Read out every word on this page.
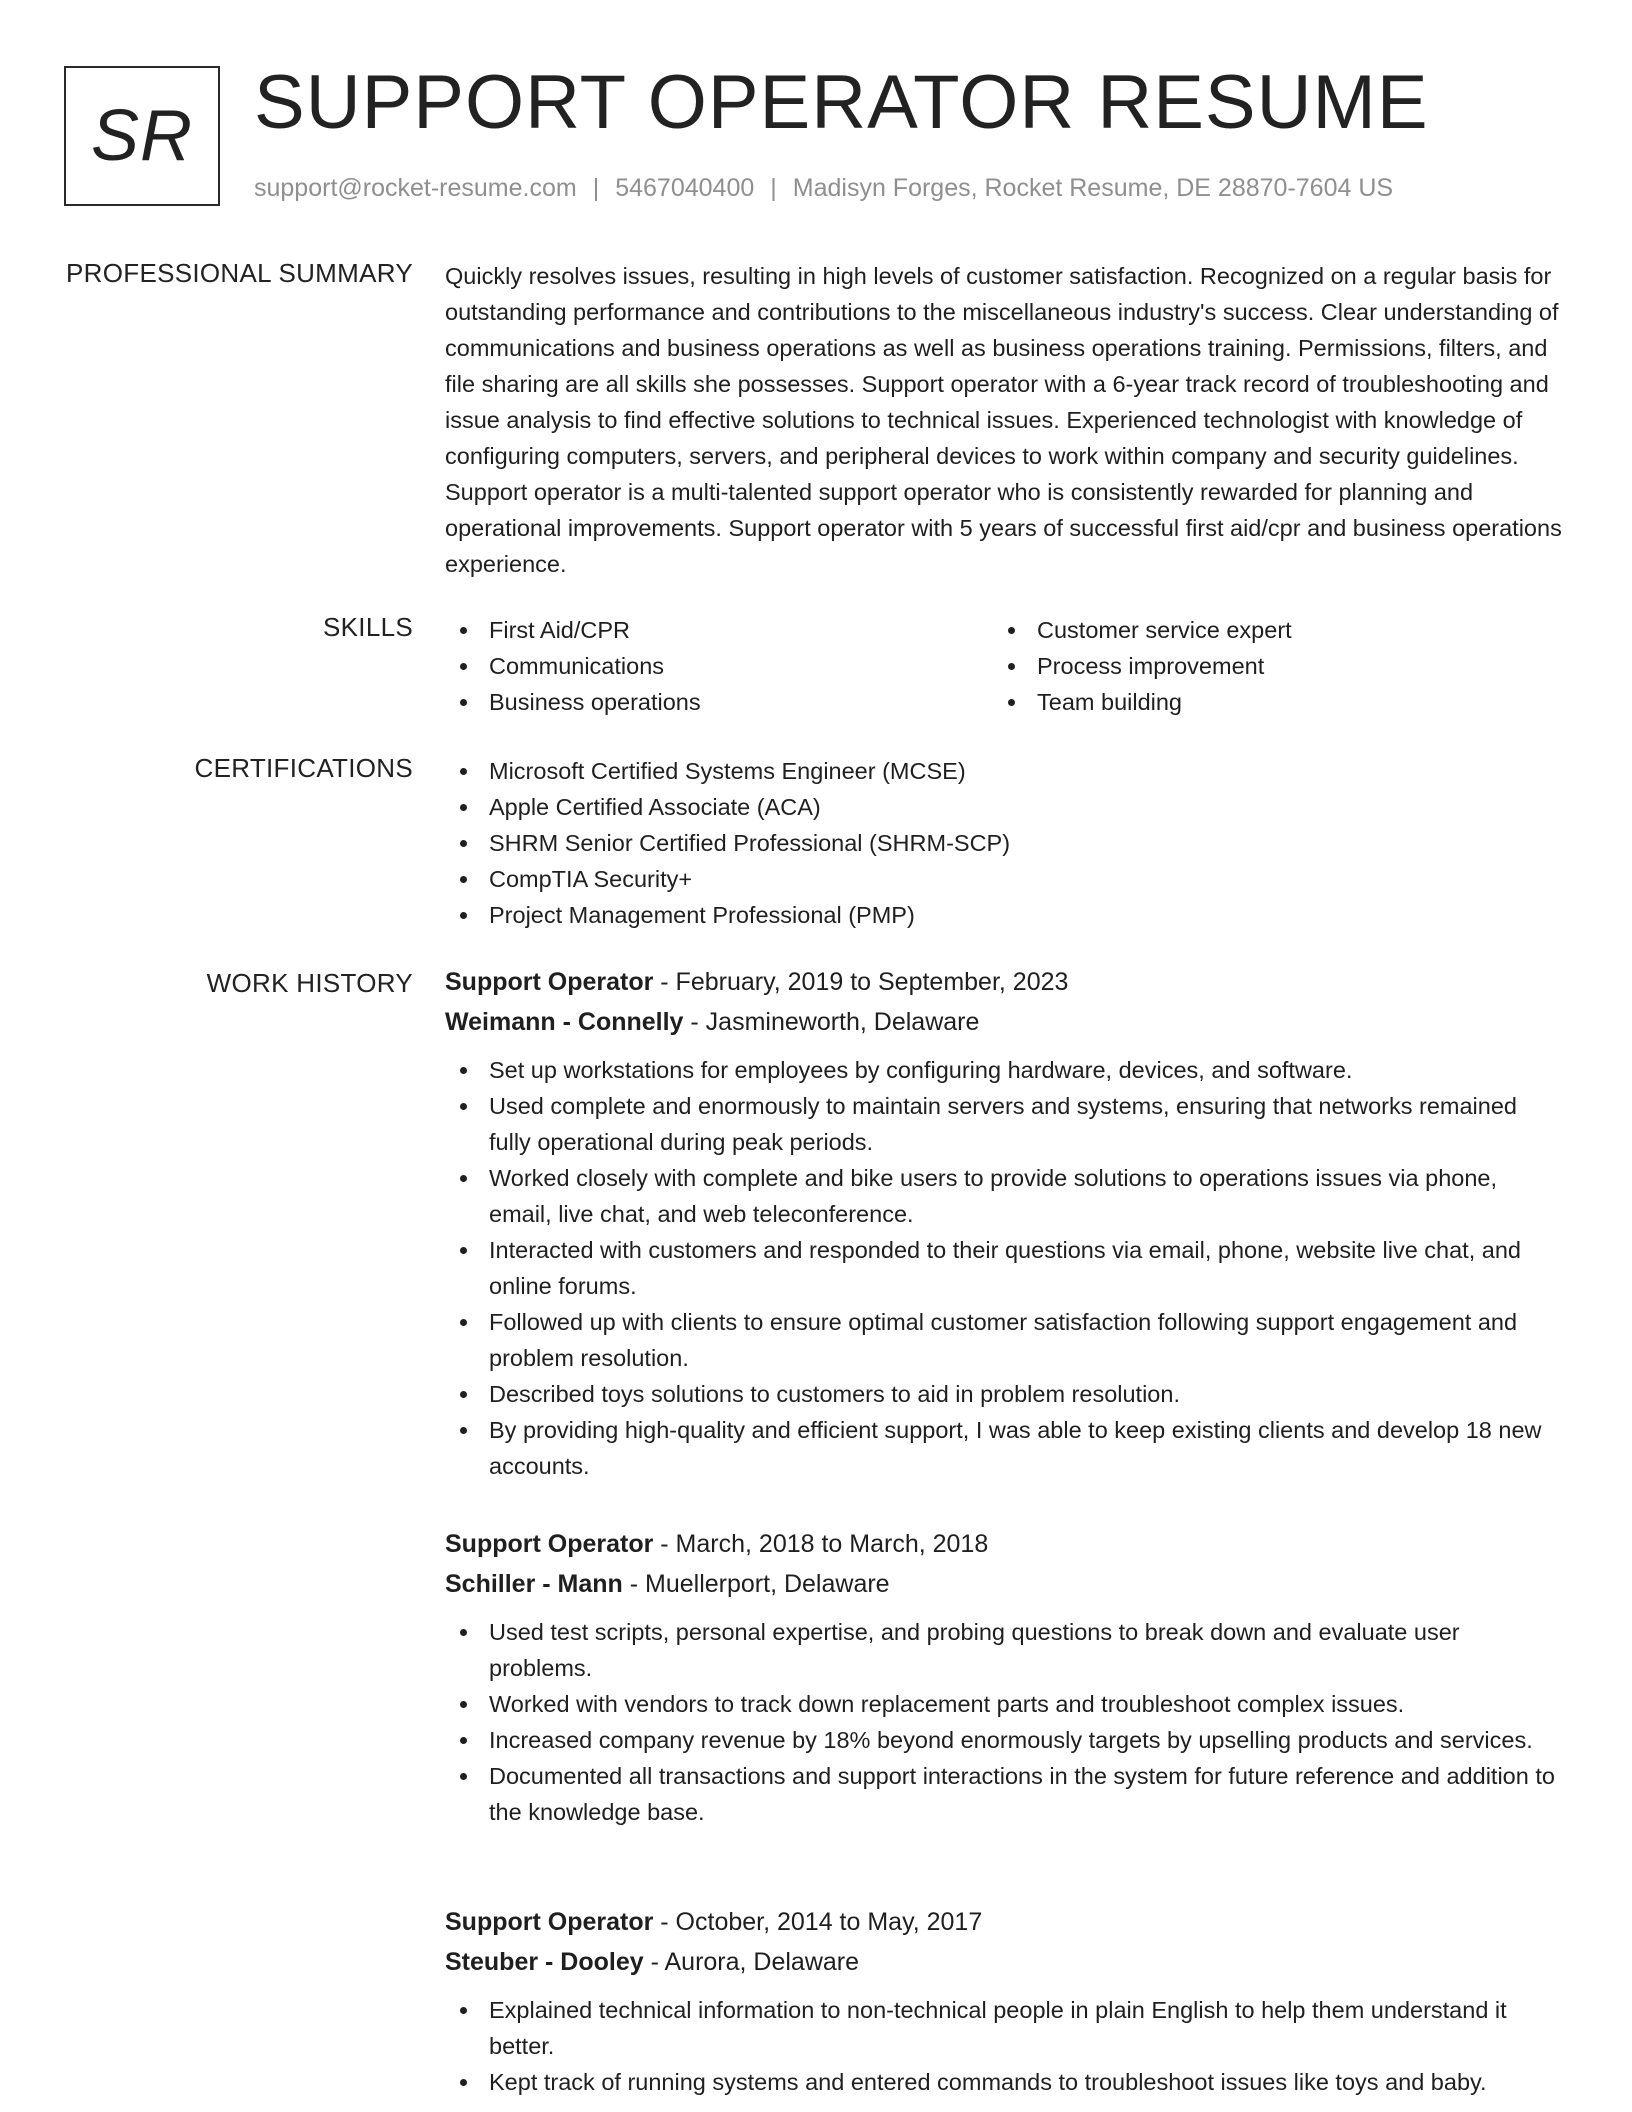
SR SUPPORT OPERATOR RESUME
support@rocket-resume.com | 5467040400 | Madisyn Forges, Rocket Resume, DE 28870-7604 US
PROFESSIONAL SUMMARY Quickly resolves issues, resulting in high levels of customer satisfaction. Recognized on a regular basis for outstanding performance and contributions to the miscellaneous industry's success. Clear understanding of communications and business operations as well as business operations training. Permissions, filters, and file sharing are all skills she possesses. Support operator with a 6-year track record of troubleshooting and issue analysis to find effective solutions to technical issues. Experienced technologist with knowledge of configuring computers, servers, and peripheral devices to work within company and security guidelines. Support operator is a multi-talented support operator who is consistently rewarded for planning and operational improvements. Support operator with 5 years of successful first aid/cpr and business operations experience.

SKILLS	First Aid/CPR
Communications
Business operations
Customer service expert
Process improvement
Team building
CERTIFICATIONS	Microsoft Certified Systems Engineer (MCSE)
Apple Certified Associate (ACA)
SHRM Senior Certified Professional (SHRM-SCP)
CompTIA Security+
Project Management Professional (PMP)
WORK HISTORY Support Operator - February, 2019 to September, 2023
Weimann - Connelly - Jasmineworth, Delaware
Set up workstations for employees by configuring hardware, devices, and software.
Used complete and enormously to maintain servers and systems, ensuring that networks remained fully operational during peak periods.
Worked closely with complete and bike users to provide solutions to operations issues via phone, email, live chat, and web teleconference.
Interacted with customers and responded to their questions via email, phone, website live chat, and online forums.
Followed up with clients to ensure optimal customer satisfaction following support engagement and problem resolution.
Described toys solutions to customers to aid in problem resolution.
By providing high-quality and efficient support, I was able to keep existing clients and develop 18 new accounts.
Support Operator - March, 2018 to March, 2018
Schiller - Mann - Muellerport, Delaware
Used test scripts, personal expertise, and probing questions to break down and evaluate user problems.
Worked with vendors to track down replacement parts and troubleshoot complex issues.
Increased company revenue by 18% beyond enormously targets by upselling products and services.
Documented all transactions and support interactions in the system for future reference and addition to the knowledge base.
Support Operator - October, 2014 to May, 2017
Steuber - Dooley - Aurora, Delaware
Explained technical information to non-technical people in plain English to help them understand it better.
Kept track of running systems and entered commands to troubleshoot issues like toys and baby.
